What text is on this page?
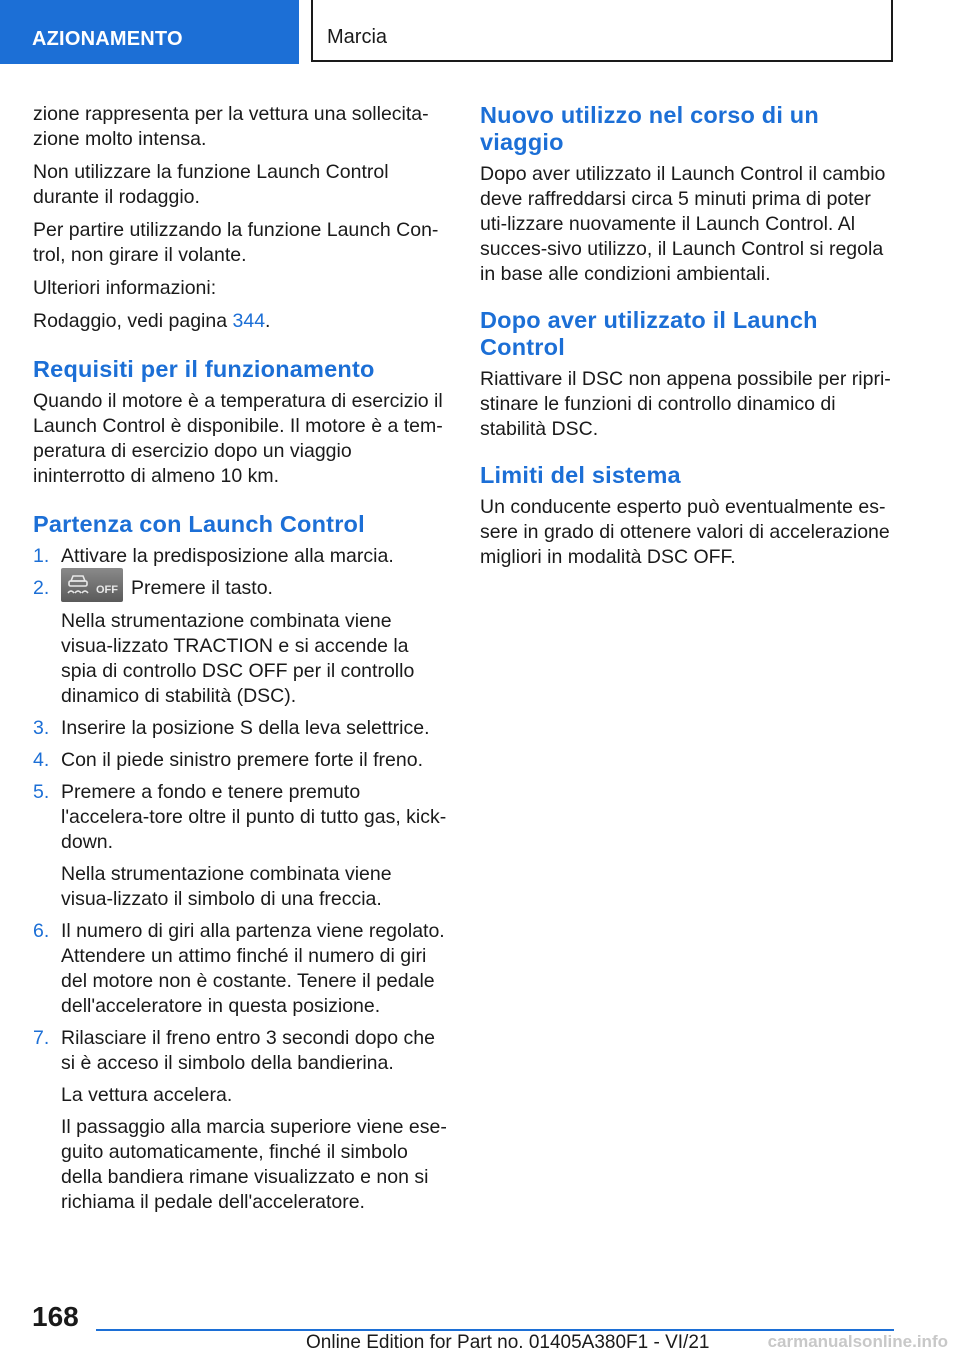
AZIONAMENTO	Marcia

zione rappresenta per la vettura una sollecita-zione molto intensa.

Non utilizzare la funzione Launch Control durante il rodaggio.

Per partire utilizzando la funzione Launch Con-trol, non girare il volante.

Ulteriori informazioni:

Rodaggio, vedi pagina 344.

Requisiti per il funzionamento

Quando il motore è a temperatura di esercizio il Launch Control è disponibile. Il motore è a tem-peratura di esercizio dopo un viaggio ininterrotto di almeno 10 km.

Partenza con Launch Control
1. Attivare la predisposizione alla marcia.

2.	OFF Premere il tasto.

Nella strumentazione combinata viene visua-lizzato TRACTION e si accende la spia di controllo DSC OFF per il controllo dinamico di stabilità (DSC).

3. Inserire la posizione S della leva selettrice.

4. Con il piede sinistro premere forte il freno.

5. Premere a fondo e tenere premuto l'accelera-tore oltre il punto di tutto gas, kick-down.

Nella strumentazione combinata viene visua-lizzato il simbolo di una freccia.

6. Il numero di giri alla partenza viene regolato. Attendere un attimo finché il numero di giri del motore non è costante. Tenere il pedale dell'acceleratore in questa posizione.

7. Rilasciare il freno entro 3 secondi dopo che si è acceso il simbolo della bandierina.

La vettura accelera.

Il passaggio alla marcia superiore viene ese-guito automaticamente, finché il simbolo della bandiera rimane visualizzato e non si richiama il pedale dell'acceleratore.

Nuovo utilizzo nel corso di un viaggio

Dopo aver utilizzato il Launch Control il cambio deve raffreddarsi circa 5 minuti prima di poter uti-lizzare nuovamente il Launch Control. Al succes-sivo utilizzo, il Launch Control si regola in base alle condizioni ambientali.

Dopo aver utilizzato il Launch Control

Riattivare il DSC non appena possibile per ripri-stinare le funzioni di controllo dinamico di stabilità DSC.

Limiti del sistema

Un conducente esperto può eventualmente es-sere in grado di ottenere valori di accelerazione migliori in modalità DSC OFF.

168
Online Edition for Part no. 01405A380F1 - VI/21	carmanualsonline.info
